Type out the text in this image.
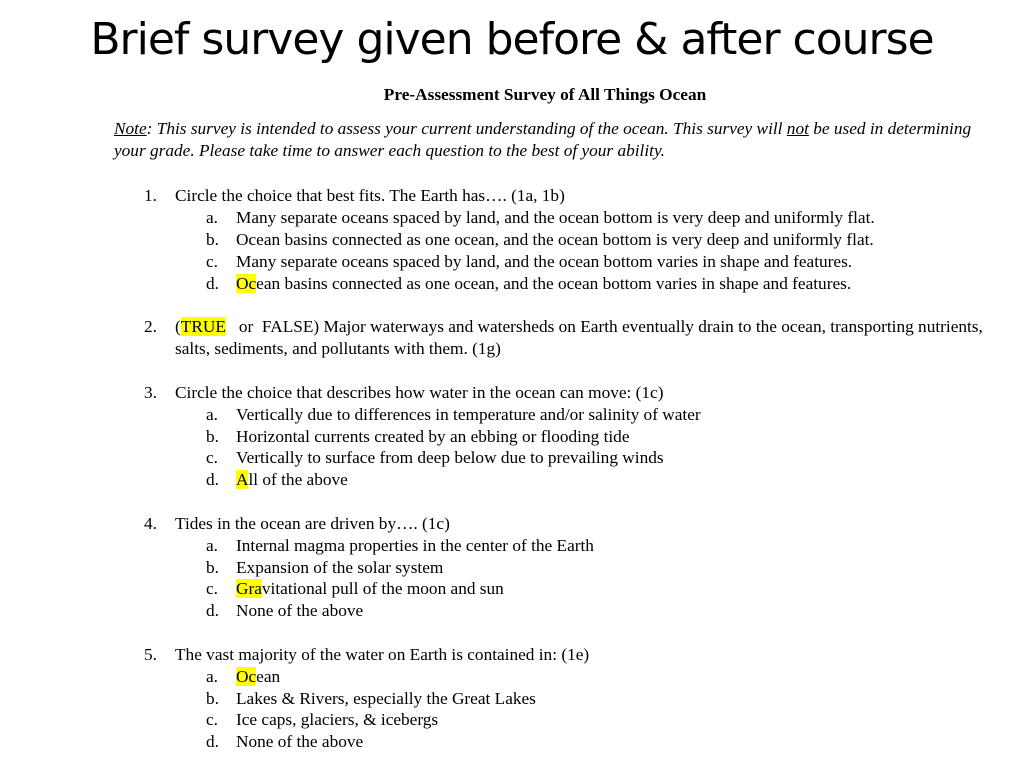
Brief survey given before & after course
Pre-Assessment Survey of All Things Ocean

Note: This survey is intended to assess your current understanding of the ocean. This survey will not be used in determining your grade. Please take time to answer each question to the best of your ability.

1. Circle the choice that best fits. The Earth has…. (1a, 1b)
a. Many separate oceans spaced by land, and the ocean bottom is very deep and uniformly flat.
b. Ocean basins connected as one ocean, and the ocean bottom is very deep and uniformly flat.
c. Many separate oceans spaced by land, and the ocean bottom varies in shape and features.
d. Ocean basins connected as one ocean, and the ocean bottom varies in shape and features.
2. (TRUE   or  FALSE) Major waterways and watersheds on Earth eventually drain to the ocean, transporting nutrients, salts, sediments, and pollutants with them. (1g)
3. Circle the choice that describes how water in the ocean can move: (1c)
a. Vertically due to differences in temperature and/or salinity of water
b. Horizontal currents created by an ebbing or flooding tide
c. Vertically to surface from deep below due to prevailing winds
d. All of the above
4. Tides in the ocean are driven by…. (1c)
a. Internal magma properties in the center of the Earth
b. Expansion of the solar system
c. Gravitational pull of the moon and sun
d. None of the above
5. The vast majority of the water on Earth is contained in: (1e)
a. Ocean
b. Lakes & Rivers, especially the Great Lakes
c. Ice caps, glaciers, & icebergs
d. None of the above
